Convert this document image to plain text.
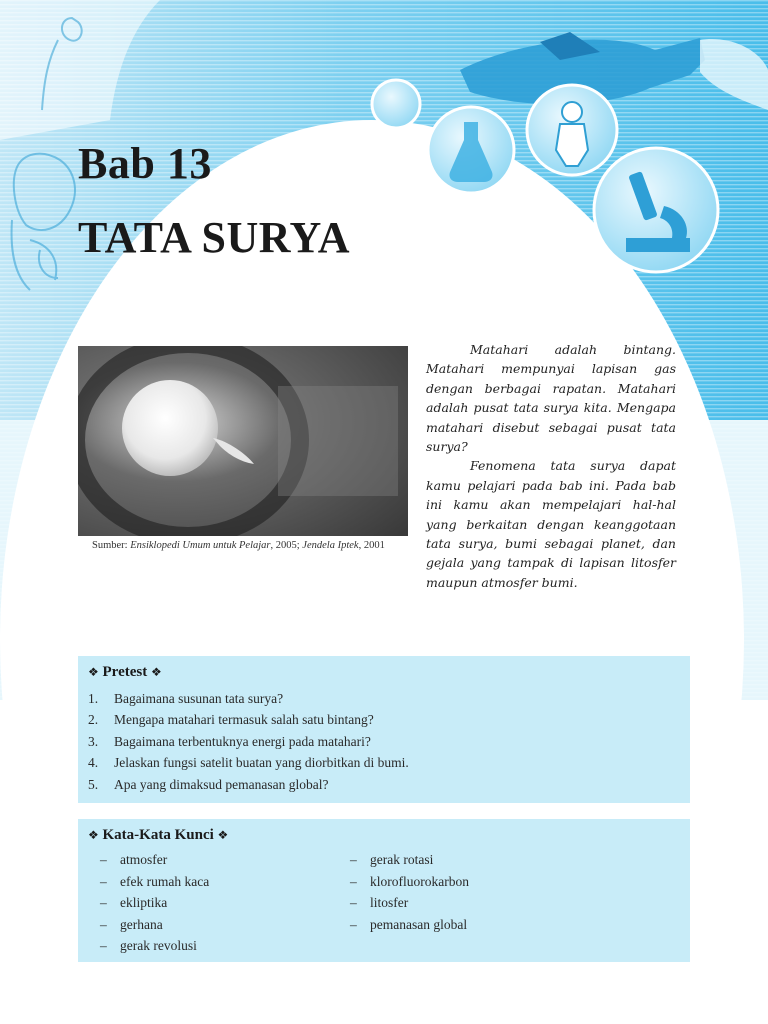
Bab 13
TATA SURYA
Sumber: Ensiklopedi Umum untuk Pelajar, 2005; Jendela Iptek, 2001

Matahari adalah bintang. Matahari mempunyai lapisan gas dengan berbagai rapatan. Matahari adalah pusat tata surya kita. Mengapa matahari disebut sebagai pusat tata surya?

Fenomena tata surya dapat kamu pelajari pada bab ini. Pada bab ini kamu akan mempelajari hal-hal yang berkaitan dengan keanggotaan tata surya, bumi sebagai planet, dan gejala yang tampak di lapisan litosfer maupun atmosfer bumi.

❖ Pretest ❖
1. Bagaimana susunan tata surya?
2. Mengapa matahari termasuk salah satu bintang?
3. Bagaimana terbentuknya energi pada matahari?
4. Jelaskan fungsi satelit buatan yang diorbitkan di bumi.
5. Apa yang dimaksud pemanasan global?
❖ Kata-Kata Kunci ❖
– atmosfer
– efek rumah kaca
– ekliptika
– gerhana
– gerak revolusi
– gerak rotasi
– klorofluorokarbon
– litosfer
– pemanasan global
